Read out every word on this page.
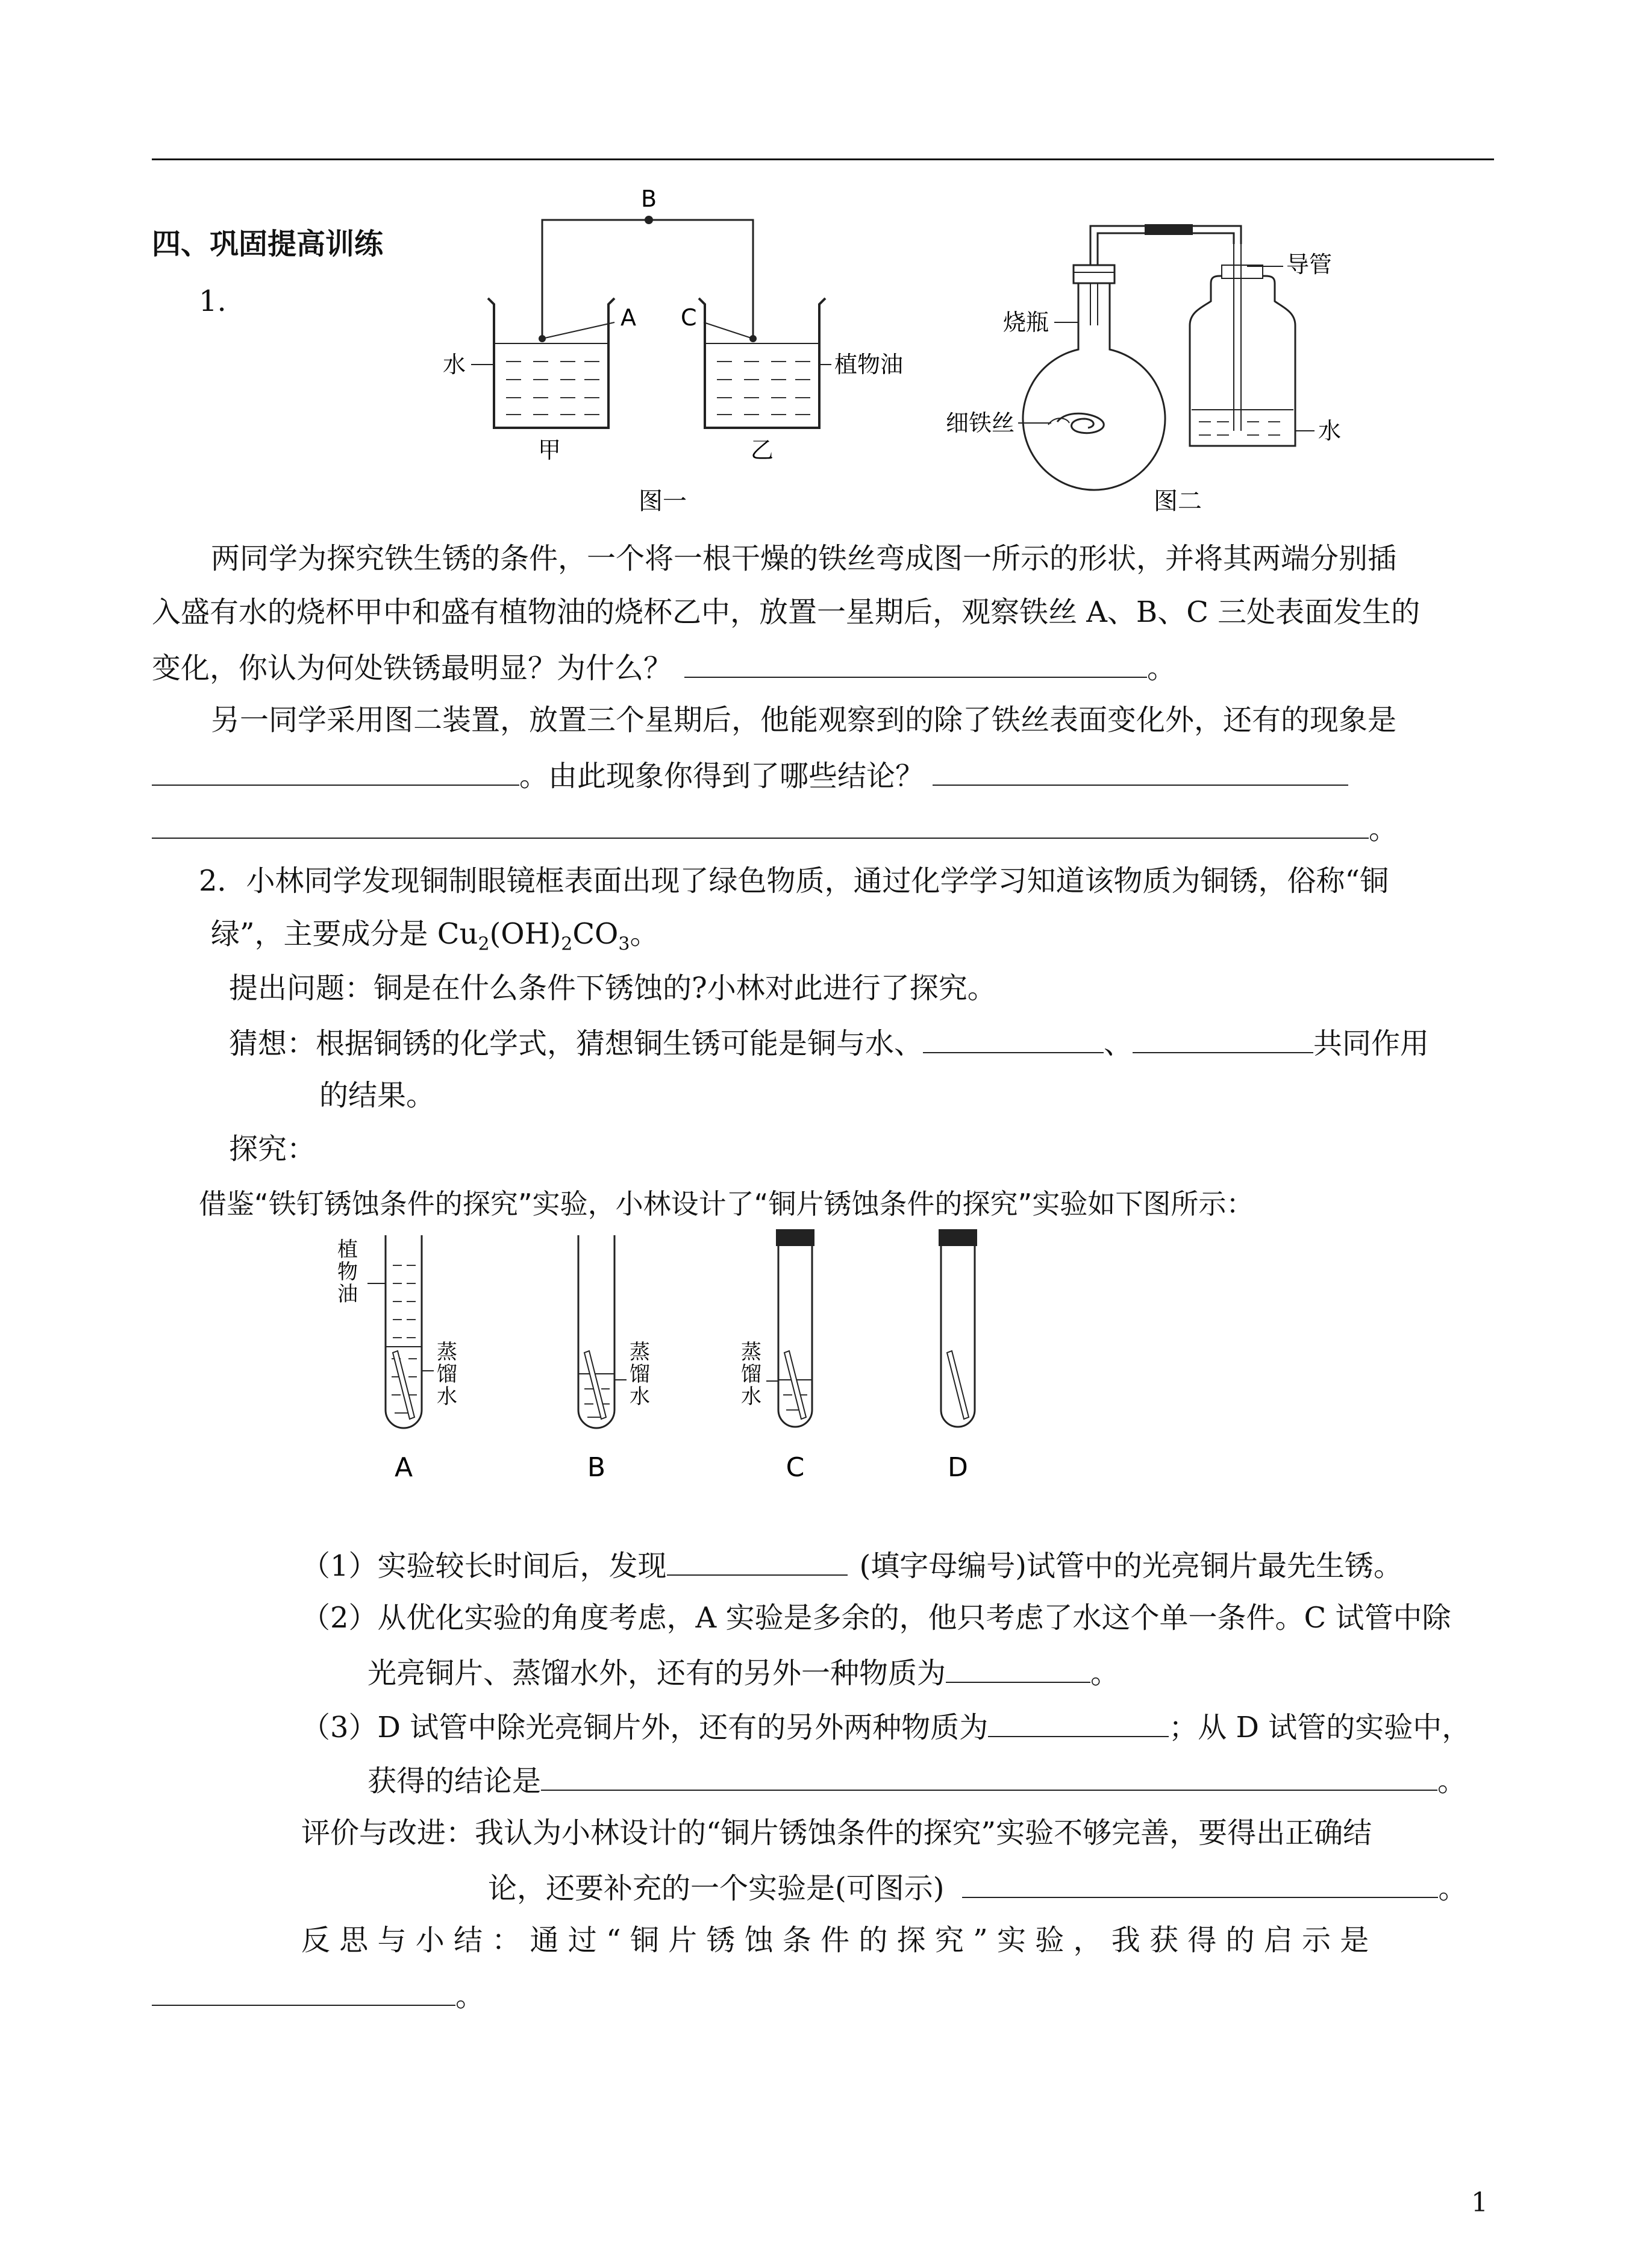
四、巩固提高训练
1.
B
A C
水	植物油
甲	乙
图一
导管
烧瓶
细铁丝	水
图二
两同学为探究铁生锈的条件，一个将一根干燥的铁丝弯成图一所示的形状，并将其两端分别插
入盛有水的烧杯甲中和盛有植物油的烧杯乙中，放置一星期后，观察铁丝 A、B、C 三处表面发生的
变化，你认为何处铁锈最明显？为什么？	。
另一同学采用图二装置，放置三个星期后，他能观察到的除了铁丝表面变化外，还有的现象是
。由此现象你得到了哪些结论？
。
2．小林同学发现铜制眼镜框表面出现了绿色物质，通过化学学习知道该物质为铜锈，俗称“铜
绿”，主要成分是 $Cu_2(OH)_2CO_3$。
提出问题：铜是在什么条件下锈蚀的?小林对此进行了探究。
猜想：根据铜锈的化学式，猜想铜生锈可能是铜与水、	、	共同作用
的结果。
探究：
借鉴“铁钉锈蚀条件的探究”实验，小林设计了“铜片锈蚀条件的探究”实验如下图所示：
植
物
油
蒸
馏
水
A
蒸
馏
水
B
蒸
馏
水
C	D
（1）实验较长时间后，发现	(填字母编号)试管中的光亮铜片最先生锈。
（2）从优化实验的角度考虑，A 实验是多余的，他只考虑了水这个单一条件。C 试管中除
光亮铜片、蒸馏水外，还有的另外一种物质为	。
（3）D 试管中除光亮铜片外，还有的另外两种物质为	；从 D 试管的实验中，
获得的结论是	。
评价与改进：我认为小林设计的“铜片锈蚀条件的探究”实验不够完善，要得出正确结
论，还要补充的一个实验是(可图示)	。
反 思 与 小 结 ： 通 过 “ 铜 片 锈 蚀 条 件 的 探 究 ” 实 验 ， 我 获 得 的 启 示 是
。
1
